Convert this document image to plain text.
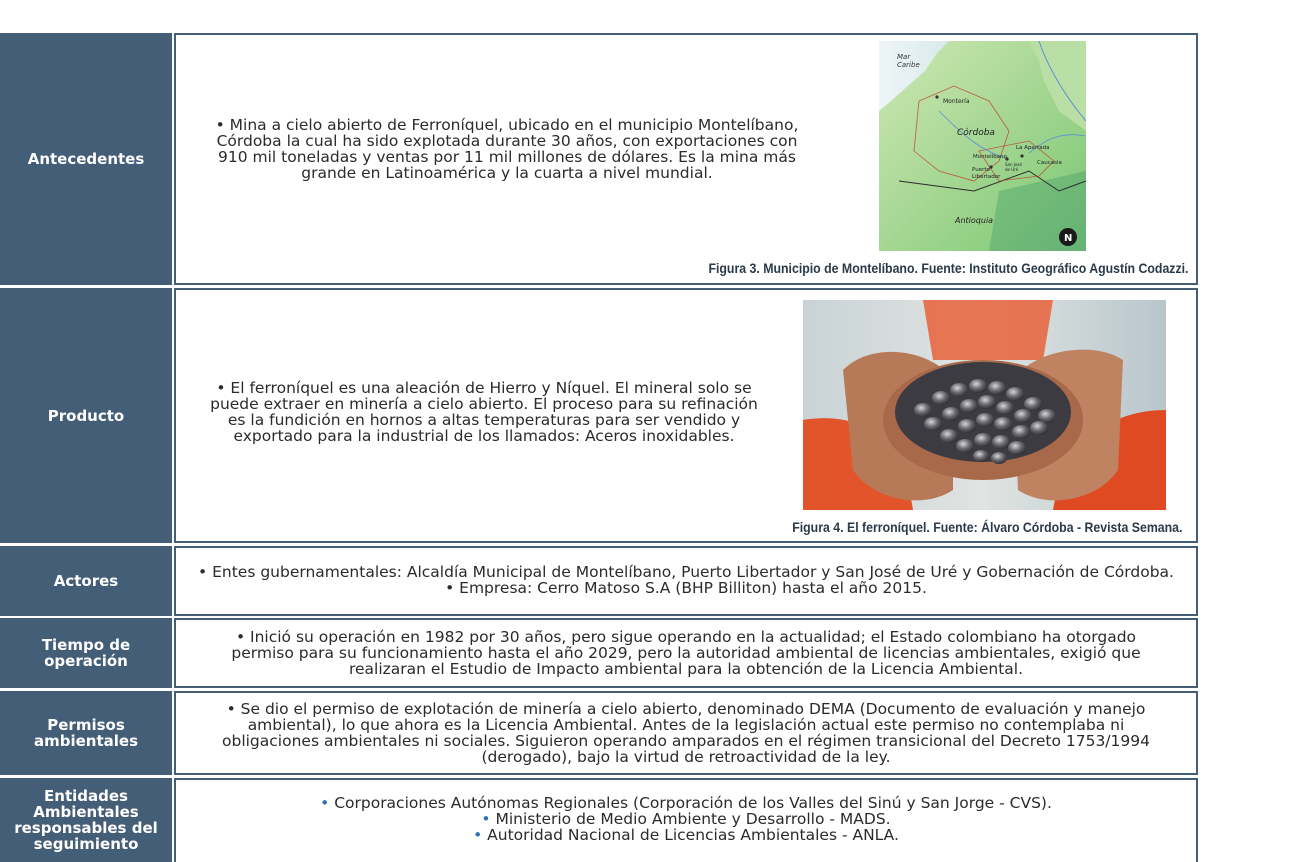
Antecedentes

• Mina a cielo abierto de Ferroníquel, ubicado en el municipio Montelíbano, Córdoba la cual ha sido explotada durante 30 años, con exportaciones con 910 mil toneladas y ventas por 11 mil millones de dólares. Es la mina más grande en Latinoamérica y la cuarta a nivel mundial.

Mar
Caribe
Montería
Córdoba
La Apartada
Montelíbano
Caucasia
Puerto
Libertador
San José
de Uré
Antioquia
N
Figura 3. Municipio de Montelíbano. Fuente: Instituto Geográfico Agustín Codazzi.
Producto

• El ferroníquel es una aleación de Hierro y Níquel. El mineral solo se puede extraer en minería a cielo abierto. El proceso para su refinación es la fundición en hornos a altas temperaturas para ser vendido y exportado para la industrial de los llamados: Aceros inoxidables.

Figura 4. El ferroníquel. Fuente: Álvaro Córdoba - Revista Semana.
Actores	• Entes gubernamentales: Alcaldía Municipal de Montelíbano, Puerto Libertador y San José de Uré y Gobernación de Córdoba.

• Empresa: Cerro Matoso S.A (BHP Billiton) hasta el año 2015.

Tiempo de
operación

• Inició su operación en 1982 por 30 años, pero sigue operando en la actualidad; el Estado colombiano ha otorgado permiso para su funcionamiento hasta el año 2029, pero la autoridad ambiental de licencias ambientales, exigió que realizaran el Estudio de Impacto ambiental para la obtención de la Licencia Ambiental.

Permisos
ambientales

• Se dio el permiso de explotación de minería a cielo abierto, denominado DEMA (Documento de evaluación y manejo ambiental), lo que ahora es la Licencia Ambiental. Antes de la legislación actual este permiso no contemplaba ni obligaciones ambientales ni sociales. Siguieron operando amparados en el régimen transicional del Decreto 1753/1994 (derogado), bajo la virtud de retroactividad de la ley.

Entidades
Ambientales
responsables del
seguimiento

• Corporaciones Autónomas Regionales (Corporación de los Valles del Sinú y San Jorge - CVS).

• Ministerio de Medio Ambiente y Desarrollo - MADS.

• Autoridad Nacional de Licencias Ambientales - ANLA.
